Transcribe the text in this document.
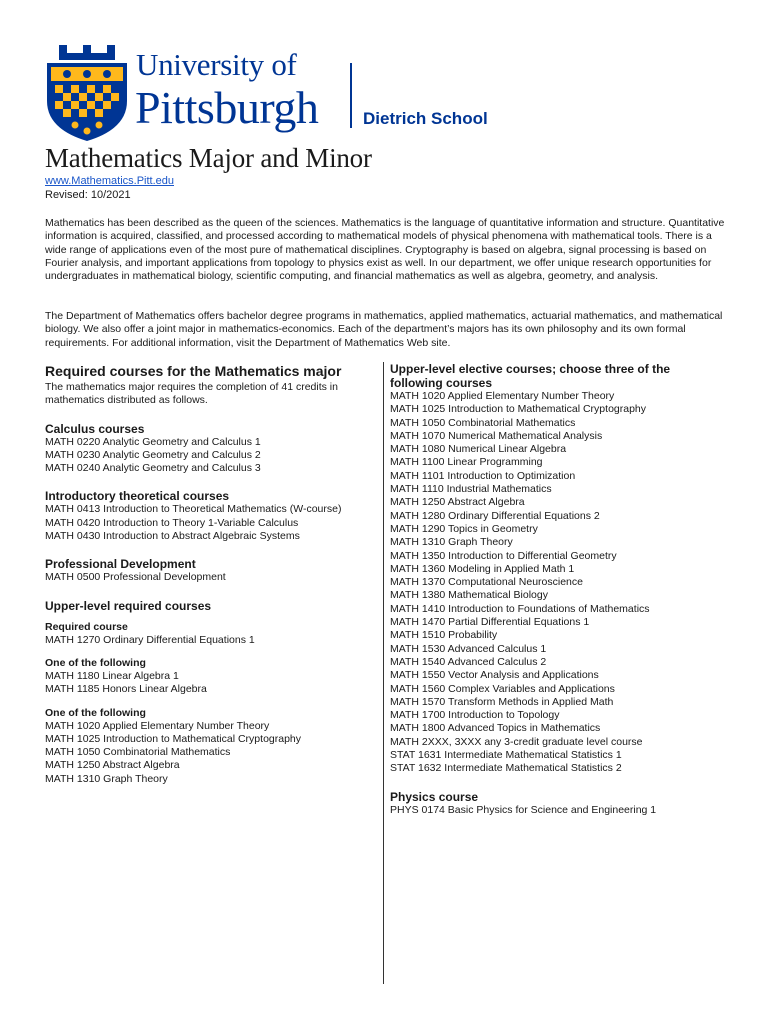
University of
Pittsburgh	Dietrich School
Mathematics Major and Minor
www.Mathematics.Pitt.edu
Revised: 10/2021

Mathematics has been described as the queen of the sciences. Mathematics is the language of quantitative information and structure. Quantitative information is acquired, classified, and processed according to mathematical models of physical phenomena with mathematical tools. There is a wide range of applications even of the most pure of mathematical disciplines. Cryptography is based on algebra, signal processing is based on Fourier analysis, and important applications from topology to physics exist as well. In our department, we offer unique research opportunities for undergraduates in mathematical biology, scientific computing, and financial mathematics as well as algebra, geometry, and analysis.

The Department of Mathematics offers bachelor degree programs in mathematics, applied mathematics, actuarial mathematics, and mathematical biology. We also offer a joint major in mathematics-economics. Each of the department’s majors has its own philosophy and its own formal requirements. For additional information, visit the Department of Mathematics Web site.

Required courses for the Mathematics major

The mathematics major requires the completion of 41 credits in mathematics distributed as follows.

Calculus courses
MATH 0220 Analytic Geometry and Calculus 1
MATH 0230 Analytic Geometry and Calculus 2
MATH 0240 Analytic Geometry and Calculus 3
Introductory theoretical courses
MATH 0413 Introduction to Theoretical Mathematics (W-course)
MATH 0420 Introduction to Theory 1-Variable Calculus
MATH 0430 Introduction to Abstract Algebraic Systems
Professional Development
MATH 0500 Professional Development
Upper-level required courses
Required course
MATH 1270 Ordinary Differential Equations 1
One of the following
MATH 1180 Linear Algebra 1
MATH 1185 Honors Linear Algebra
One of the following
MATH 1020 Applied Elementary Number Theory
MATH 1025 Introduction to Mathematical Cryptography
MATH 1050 Combinatorial Mathematics
MATH 1250 Abstract Algebra
MATH 1310 Graph Theory
Upper-level elective courses; choose three of the following courses
MATH 1020 Applied Elementary Number Theory
MATH 1025 Introduction to Mathematical Cryptography
MATH 1050 Combinatorial Mathematics
MATH 1070 Numerical Mathematical Analysis
MATH 1080 Numerical Linear Algebra
MATH 1100 Linear Programming
MATH 1101 Introduction to Optimization
MATH 1110 Industrial Mathematics
MATH 1250 Abstract Algebra
MATH 1280 Ordinary Differential Equations 2
MATH 1290 Topics in Geometry
MATH 1310 Graph Theory
MATH 1350 Introduction to Differential Geometry
MATH 1360 Modeling in Applied Math 1
MATH 1370 Computational Neuroscience
MATH 1380 Mathematical Biology
MATH 1410 Introduction to Foundations of Mathematics
MATH 1470 Partial Differential Equations 1
MATH 1510 Probability
MATH 1530 Advanced Calculus 1
MATH 1540 Advanced Calculus 2
MATH 1550 Vector Analysis and Applications
MATH 1560 Complex Variables and Applications
MATH 1570 Transform Methods in Applied Math
MATH 1700 Introduction to Topology
MATH 1800 Advanced Topics in Mathematics
MATH 2XXX, 3XXX any 3-credit graduate level course
STAT 1631 Intermediate Mathematical Statistics 1
STAT 1632 Intermediate Mathematical Statistics 2
Physics course
PHYS 0174 Basic Physics for Science and Engineering 1
